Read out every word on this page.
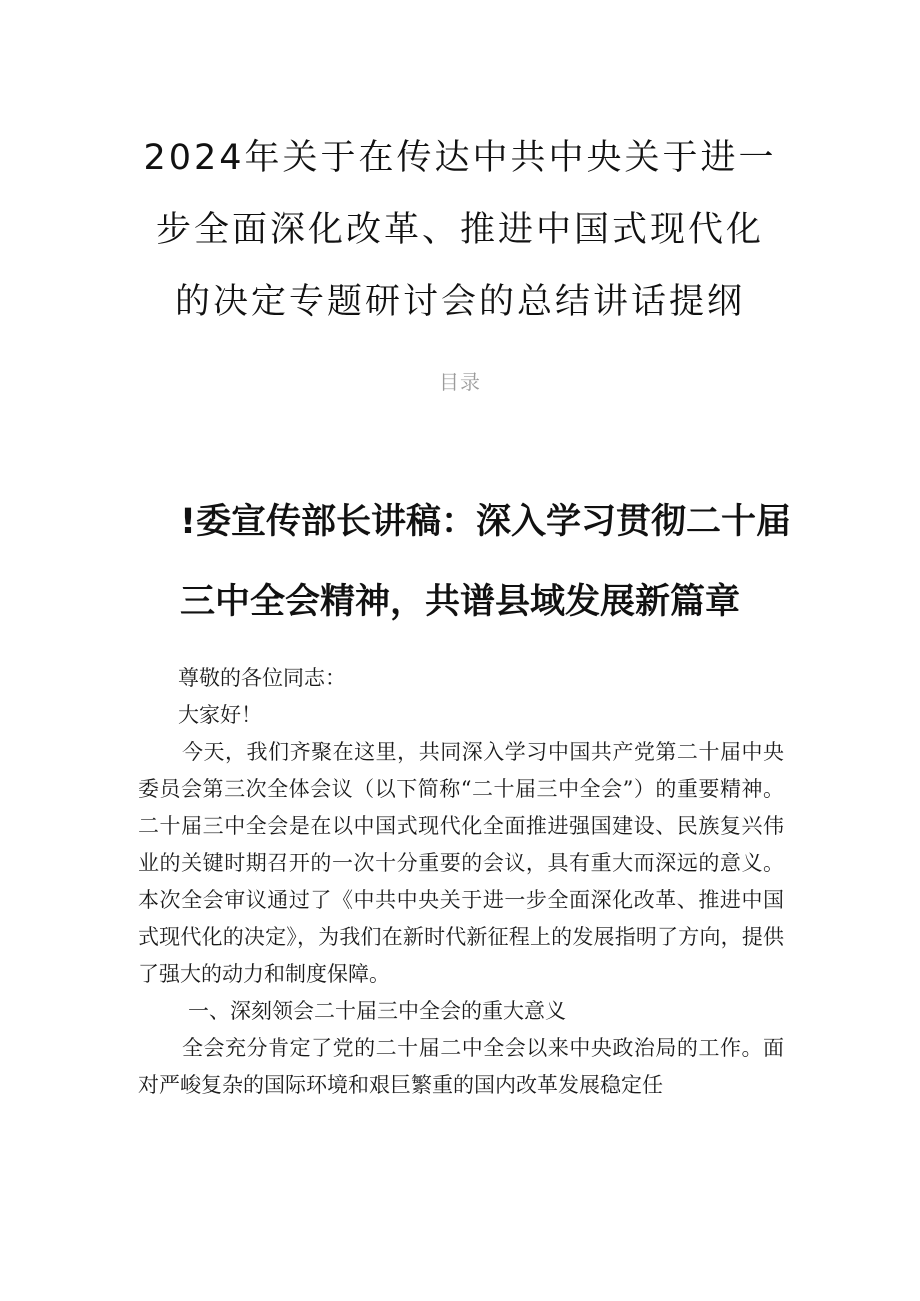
2024年关于在传达中共中央关于进一
步全面深化改革、推进中国式现代化
的决定专题研讨会的总结讲话提纲
目录
!委宣传部长讲稿：深入学习贯彻二十届
三中全会精神，共谱县域发展新篇章

尊敬的各位同志：

大家好！

今天，我们齐聚在这里，共同深入学习中国共产党第二十届中央委员会第三次全体会议（以下简称“二十届三中全会”）的重要精神。二十届三中全会是在以中国式现代化全面推进强国建设、民族复兴伟业的关键时期召开的一次十分重要的会议，具有重大而深远的意义。本次全会审议通过了《中共中央关于进一步全面深化改革、推进中国式现代化的决定》，为我们在新时代新征程上的发展指明了方向，提供了强大的动力和制度保障。

一、深刻领会二十届三中全会的重大意义

全会充分肯定了党的二十届二中全会以来中央政治局的工作。面对严峻复杂的国际环境和艰巨繁重的国内改革发展稳定任
